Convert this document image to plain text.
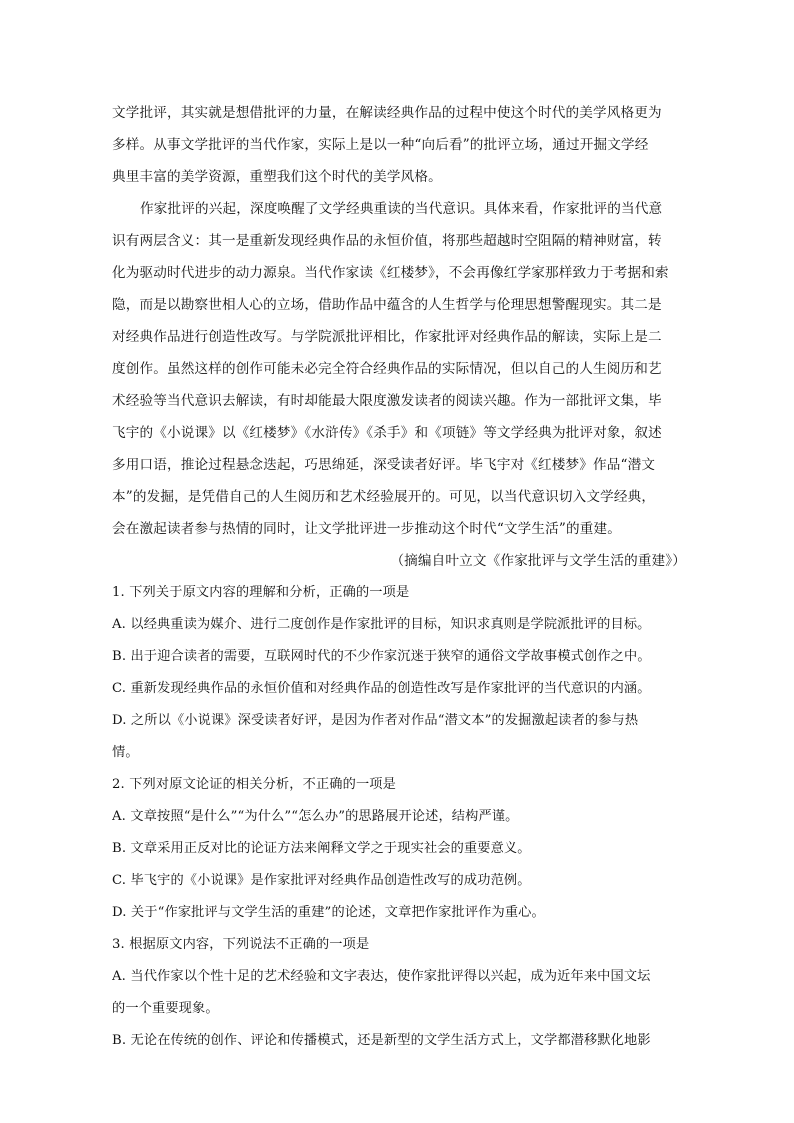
文学批评，其实就是想借批评的力量，在解读经典作品的过程中使这个时代的美学风格更为
多样。从事文学批评的当代作家，实际上是以一种“向后看”的批评立场，通过开掘文学经
典里丰富的美学资源，重塑我们这个时代的美学风格。
作家批评的兴起，深度唤醒了文学经典重读的当代意识。具体来看，作家批评的当代意
识有两层含义：其一是重新发现经典作品的永恒价值，将那些超越时空阻隔的精神财富，转
化为驱动时代进步的动力源泉。当代作家读《红楼梦》，不会再像红学家那样致力于考据和索
隐，而是以勘察世相人心的立场，借助作品中蕴含的人生哲学与伦理思想警醒现实。其二是
对经典作品进行创造性改写。与学院派批评相比，作家批评对经典作品的解读，实际上是二
度创作。虽然这样的创作可能未必完全符合经典作品的实际情况，但以自己的人生阅历和艺
术经验等当代意识去解读，有时却能最大限度激发读者的阅读兴趣。作为一部批评文集，毕
飞宇的《小说课》以《红楼梦》《水浒传》《杀手》和《项链》等文学经典为批评对象，叙述
多用口语，推论过程悬念迭起，巧思绵延，深受读者好评。毕飞宇对《红楼梦》作品“潜文
本”的发掘，是凭借自己的人生阅历和艺术经验展开的。可见，以当代意识切入文学经典，
会在激起读者参与热情的同时，让文学批评进一步推动这个时代“文学生活”的重建。
（摘编自叶立文《作家批评与文学生活的重建》）
1. 下列关于原文内容的理解和分析，正确的一项是
A. 以经典重读为媒介、进行二度创作是作家批评的目标，知识求真则是学院派批评的目标。
B. 出于迎合读者的需要，互联网时代的不少作家沉迷于狭窄的通俗文学故事模式创作之中。
C. 重新发现经典作品的永恒价值和对经典作品的创造性改写是作家批评的当代意识的内涵。
D. 之所以《小说课》深受读者好评，是因为作者对作品“潜文本”的发掘激起读者的参与热
情。
2. 下列对原文论证的相关分析，不正确的一项是
A. 文章按照“是什么”“为什么”“怎么办”的思路展开论述，结构严谨。
B. 文章采用正反对比的论证方法来阐释文学之于现实社会的重要意义。
C. 毕飞宇的《小说课》是作家批评对经典作品创造性改写的成功范例。
D. 关于“作家批评与文学生活的重建”的论述，文章把作家批评作为重心。
3. 根据原文内容，下列说法不正确的一项是
A. 当代作家以个性十足的艺术经验和文字表达，使作家批评得以兴起，成为近年来中国文坛
的一个重要现象。
B. 无论在传统的创作、评论和传播模式，还是新型的文学生活方式上，文学都潜移默化地影
